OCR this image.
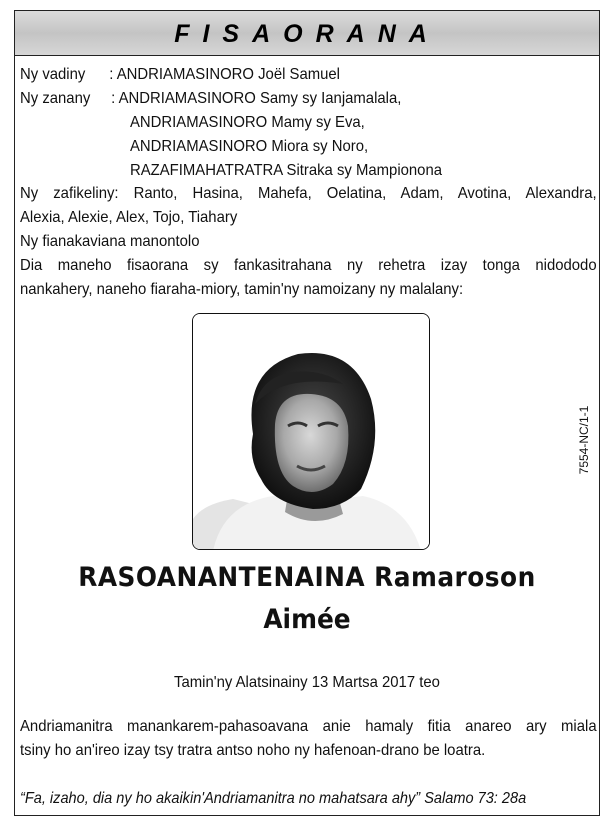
FISAORANA
Ny vadiny : ANDRIAMASINORO Joël Samuel
Ny zanany : ANDRIAMASINORO Samy sy Ianjamalala,
ANDRIAMASINORO Mamy sy Eva,
ANDRIAMASINORO Miora sy Noro,
RAZAFIMAHATRATRA Sitraka sy Mampionona
Ny zafikeliny: Ranto, Hasina, Mahefa, Oelatina, Adam, Avotina, Alexandra,
Alexia, Alexie, Alex, Tojo, Tiahary
Ny fianakaviana manontolo
Dia maneho fisaorana sy fankasitrahana ny rehetra izay tonga nidododo
nankahery, naneho fiaraha-miory, tamin'ny namoizany ny malalany:
7554-NC/1-1
RASOANANTENAINA Ramaroson
Aimée
Tamin'ny Alatsinainy 13 Martsa 2017 teo
Andriamanitra manankarem-pahasoavana anie hamaly fitia anareo ary miala
tsiny ho an'ireo izay tsy tratra antso noho ny hafenoan-drano be loatra.
“Fa, izaho, dia ny ho akaikin'Andriamanitra no mahatsara ahy” Salamo 73: 28a
